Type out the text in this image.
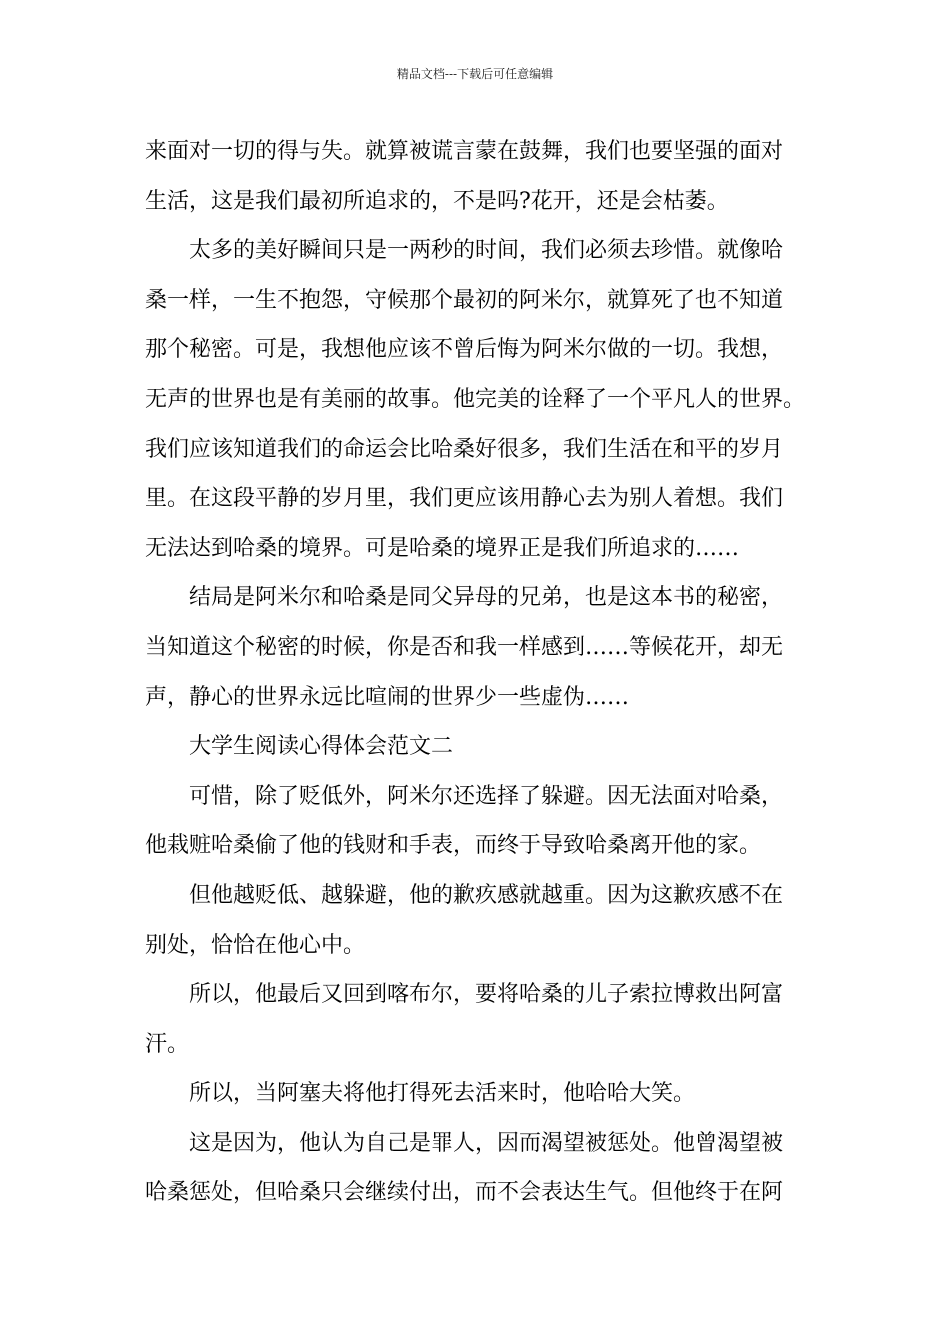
精品文档---下载后可任意编辑
来面对一切的得与失。就算被谎言蒙在鼓舞，我们也要坚强的面对
生活，这是我们最初所追求的，不是吗?花开，还是会枯萎。
太多的美好瞬间只是一两秒的时间，我们必须去珍惜。就像哈
桑一样，一生不抱怨，守候那个最初的阿米尔，就算死了也不知道
那个秘密。可是，我想他应该不曾后悔为阿米尔做的一切。我想，
无声的世界也是有美丽的故事。他完美的诠释了一个平凡人的世界。
我们应该知道我们的命运会比哈桑好很多，我们生活在和平的岁月
里。在这段平静的岁月里，我们更应该用静心去为别人着想。我们
无法达到哈桑的境界。可是哈桑的境界正是我们所追求的……
结局是阿米尔和哈桑是同父异母的兄弟，也是这本书的秘密，
当知道这个秘密的时候，你是否和我一样感到……等候花开，却无
声，静心的世界永远比喧闹的世界少一些虚伪……
大学生阅读心得体会范文二
可惜，除了贬低外，阿米尔还选择了躲避。因无法面对哈桑，
他栽赃哈桑偷了他的钱财和手表，而终于导致哈桑离开他的家。
但他越贬低、越躲避，他的歉疚感就越重。因为这歉疚感不在
别处，恰恰在他心中。
所以，他最后又回到喀布尔，要将哈桑的儿子索拉博救出阿富
汗。
所以，当阿塞夫将他打得死去活来时，他哈哈大笑。
这是因为，他认为自己是罪人，因而渴望被惩处。他曾渴望被
哈桑惩处，但哈桑只会继续付出，而不会表达生气。但他终于在阿
